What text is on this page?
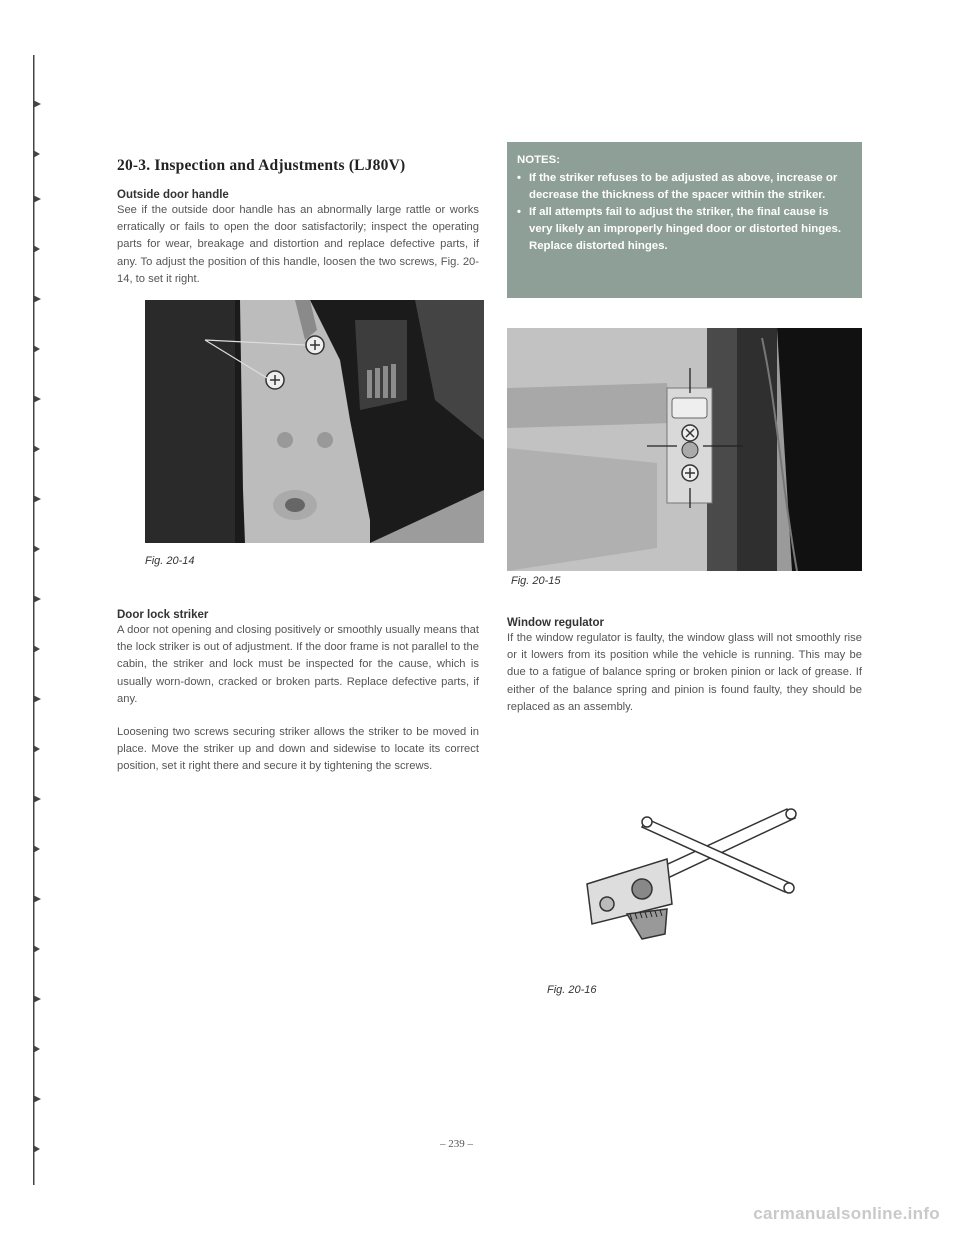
20-3. Inspection and Adjustments (LJ80V)
Outside door handle

See if the outside door handle has an abnormally large rattle or works erratically or fails to open the door satisfactorily; inspect the operating parts for wear, breakage and distortion and replace defective parts, if any. To adjust the position of this handle, loosen the two screws, Fig. 20-14, to set it right.

Fig. 20-14

Door lock striker

A door not opening and closing positively or smoothly usually means that the lock striker is out of adjustment. If the door frame is not parallel to the cabin, the striker and lock must be inspected for the cause, which is usually worn-down, cracked or broken parts. Replace defective parts, if any.

Loosening two screws securing striker allows the striker to be moved in place. Move the striker up and down and sidewise to locate its correct position, set it right there and secure it by tightening the screws.

NOTES:
• If the striker refuses to be adjusted as above, increase or decrease the thickness of the spacer within the striker.
• If all attempts fail to adjust the striker, the final cause is very likely an improperly hinged door or distorted hinges. Replace distorted hinges.

Fig. 20-15

Window regulator

If the window regulator is faulty, the window glass will not smoothly rise or it lowers from its position while the vehicle is running. This may be due to a fatigue of balance spring or broken pinion or lack of grease. If either of the balance spring and pinion is found faulty, they should be replaced as an assembly.

Fig. 20-16

– 239 –
carmanualsonline.info
